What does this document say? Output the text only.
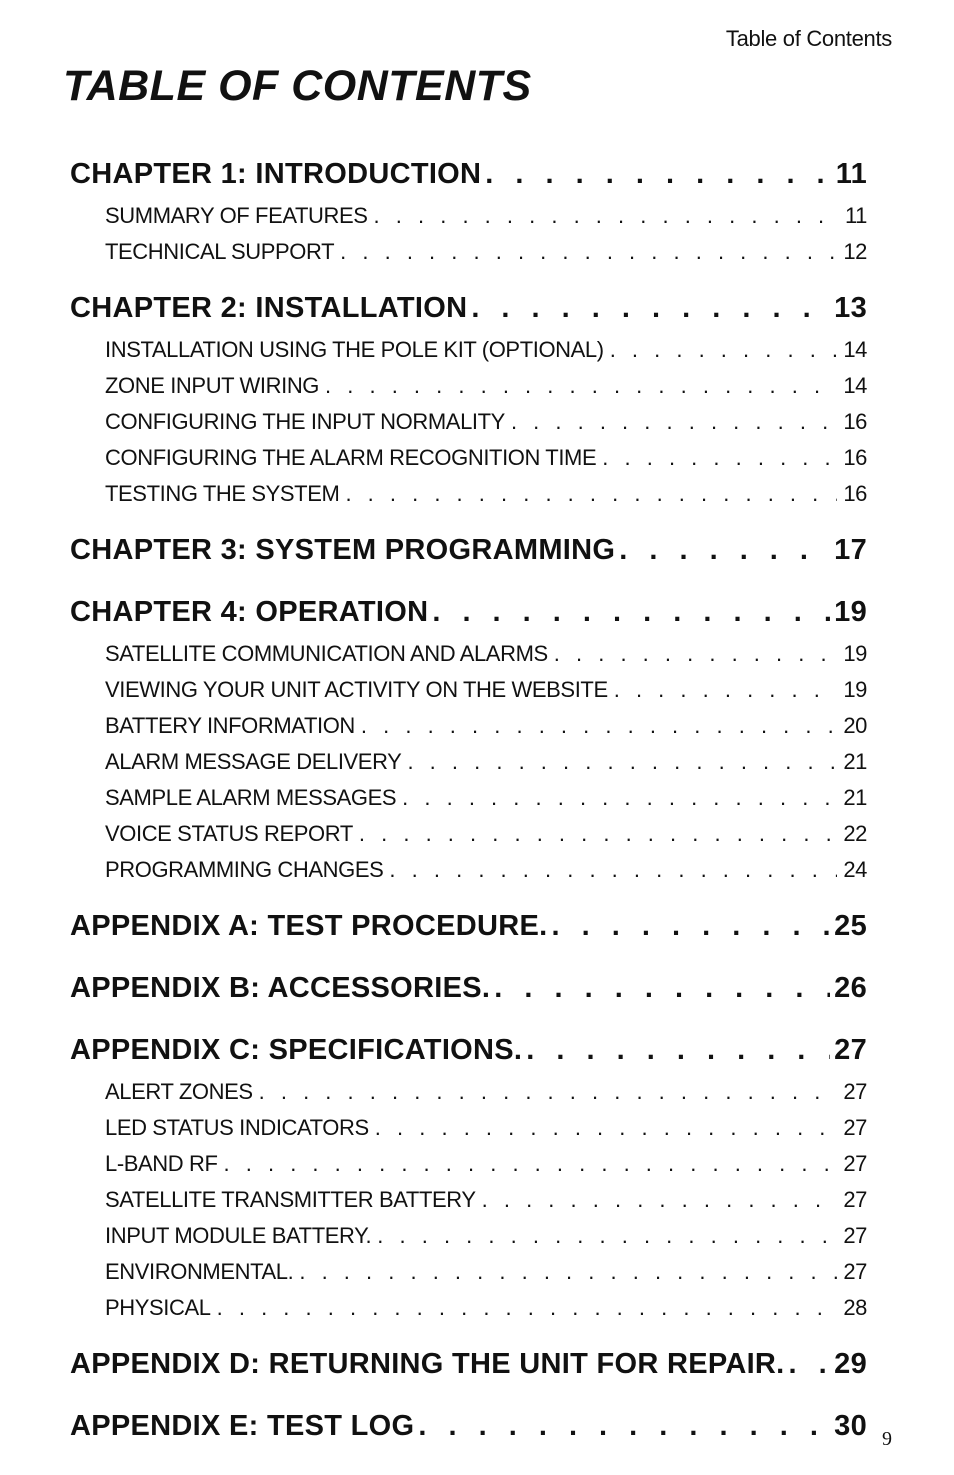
Table of Contents
TABLE OF CONTENTS
CHAPTER 1: INTRODUCTION . . .	11
SUMMARY OF FEATURES . . .	11
TECHNICAL SUPPORT . . .	12
CHAPTER 2: INSTALLATION . . .	13
INSTALLATION USING THE POLE KIT (OPTIONAL) . . .	14
ZONE INPUT WIRING . . .	14
CONFIGURING THE INPUT NORMALITY . . .	16
CONFIGURING THE ALARM RECOGNITION TIME . . .	16
TESTING THE SYSTEM . . .	16
CHAPTER 3: SYSTEM PROGRAMMING . . .	17
CHAPTER 4: OPERATION . . .	19
SATELLITE COMMUNICATION AND ALARMS . . .	19
VIEWING YOUR UNIT ACTIVITY ON THE WEBSITE . . .	19
BATTERY INFORMATION . . .	20
ALARM MESSAGE DELIVERY . . .	21
SAMPLE ALARM MESSAGES . . .	21
VOICE STATUS REPORT . . .	22
PROGRAMMING CHANGES . . .	24
APPENDIX A: TEST PROCEDURE. . . .	25
APPENDIX B: ACCESSORIES. . . .	26
APPENDIX C: SPECIFICATIONS. . . .	27
ALERT ZONES . . .	27
LED STATUS INDICATORS . . .	27
L-BAND RF . . .	27
SATELLITE TRANSMITTER BATTERY . . .	27
INPUT MODULE BATTERY. . . .	27
ENVIRONMENTAL. . . .	27
PHYSICAL . . .	28
APPENDIX D: RETURNING THE UNIT FOR REPAIR. . . . 29
APPENDIX E: TEST LOG . . .	30 9
